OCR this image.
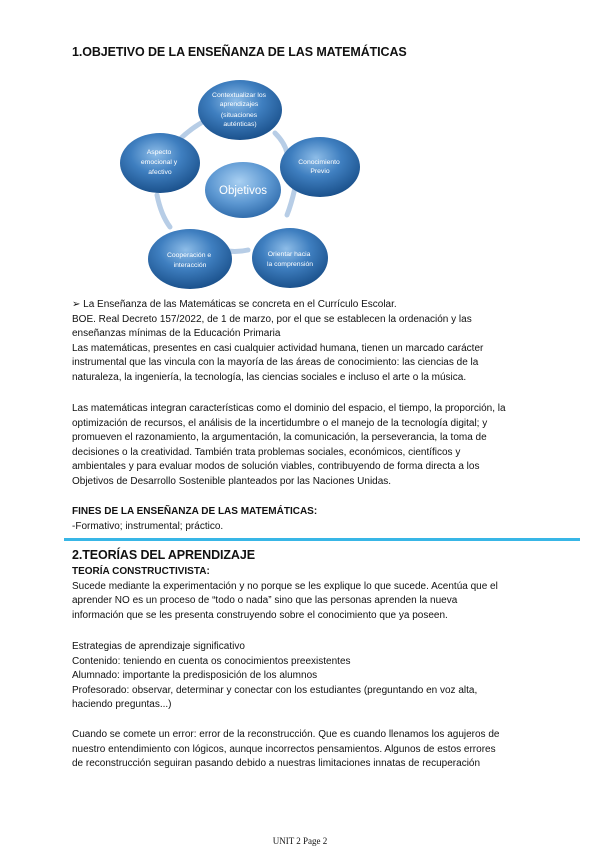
1.OBJETIVO DE LA ENSEÑANZA DE LAS MATEMÁTICAS
Objetivos
Contextualizar los aprendizajes (situaciones auténticas)
Conocimiento Previo
Orientar hacia la comprensión
Cooperación e interacción
Aspecto emocional y afectivo
➢ La Enseñanza de las Matemáticas se concreta en el Currículo Escolar.
BOE. Real Decreto 157/2022, de 1 de marzo, por el que se establecen la ordenación y las
enseñanzas mínimas de la Educación Primaria
Las matemáticas, presentes en casi cualquier actividad humana, tienen un marcado carácter
instrumental que las vincula con la mayoría de las áreas de conocimiento: las ciencias de la
naturaleza, la ingeniería, la tecnología, las ciencias sociales e incluso el arte o la música.
Las matemáticas integran características como el dominio del espacio, el tiempo, la proporción, la
optimización de recursos, el análisis de la incertidumbre o el manejo de la tecnología digital; y
promueven el razonamiento, la argumentación, la comunicación, la perseverancia, la toma de
decisiones o la creatividad. También trata problemas sociales, económicos, científicos y
ambientales y para evaluar modos de solución viables, contribuyendo de forma directa a los
Objetivos de Desarrollo Sostenible planteados por las Naciones Unidas.
FINES DE LA ENSEÑANZA DE LAS MATEMÁTICAS:
-Formativo; instrumental; práctico.
2.TEORÍAS DEL APRENDIZAJE
TEORÍA CONSTRUCTIVISTA:
Sucede mediante la experimentación y no porque se les explique lo que sucede. Acentúa que el
aprender NO es un proceso de “todo o nada” sino que las personas aprenden la nueva
información que se les presenta construyendo sobre el conocimiento que ya poseen.
Estrategias de aprendizaje significativo
Contenido: teniendo en cuenta os conocimientos preexistentes
Alumnado: importante la predisposición de los alumnos
Profesorado: observar, determinar y conectar con los estudiantes (preguntando en voz alta,
haciendo preguntas...)
Cuando se comete un error: error de la reconstrucción. Que es cuando llenamos los agujeros de
nuestro entendimiento con lógicos, aunque incorrectos pensamientos. Algunos de estos errores
de reconstrucción seguiran pasando debido a nuestras limitaciones innatas de recuperación
UNIT 2 Page 2
